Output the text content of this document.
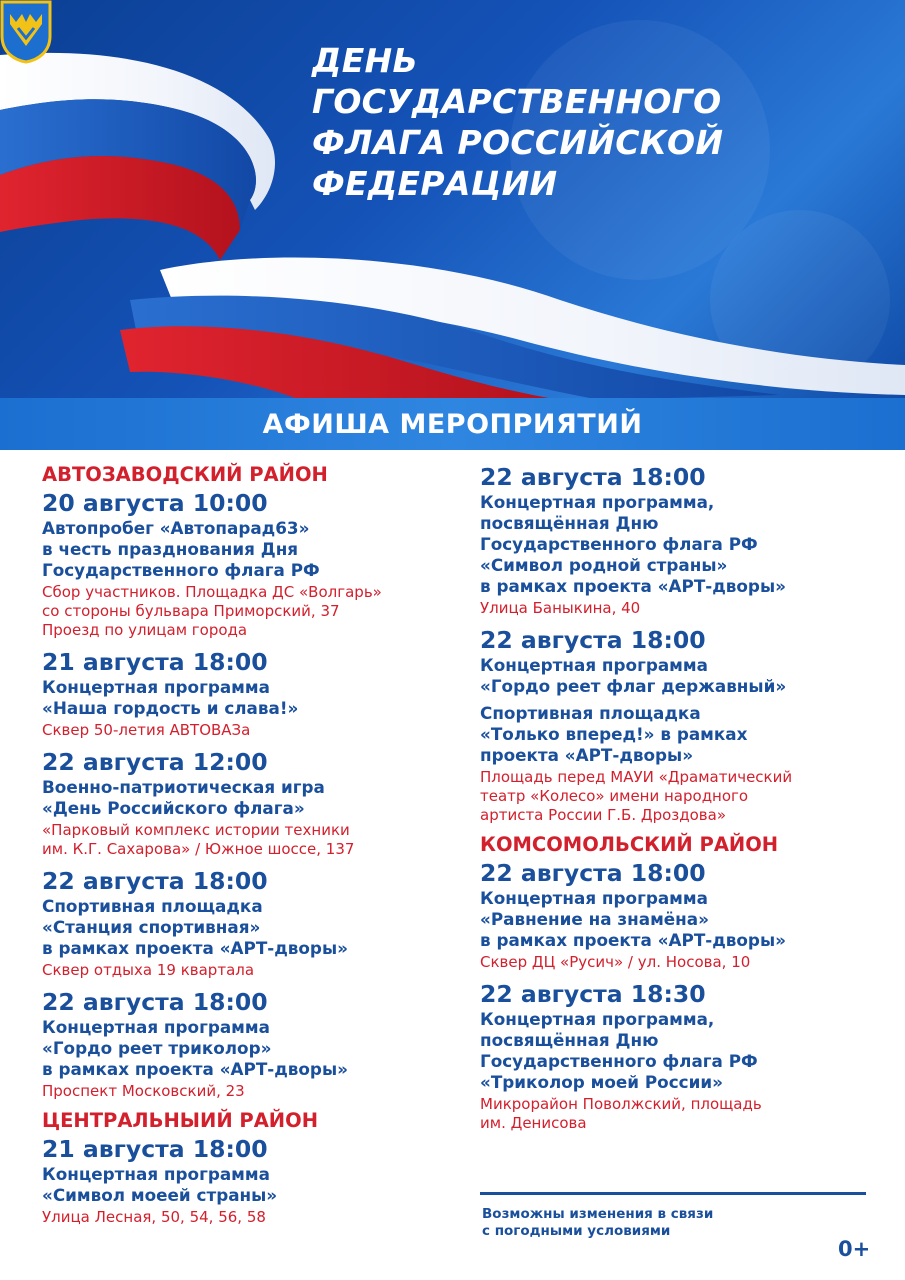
ДЕНЬ
ГОСУДАРСТВЕННОГО
ФЛАГА РОССИЙСКОЙ
ФЕДЕРАЦИИ
АФИША МЕРОПРИЯТИЙ
АВТОЗАВОДСКИЙ РАЙОН
20 августа 10:00
Автопробег «Автопарад63»
в честь празднования Дня
Государственного флага РФ
Сбор участников. Площадка ДС «Волгарь»
со стороны бульвара Приморский, 37
Проезд по улицам города
21 августа 18:00
Концертная программа
«Наша гордость и слава!»
Сквер 50-летия АВТОВАЗа
22 августа 12:00
Военно-патриотическая игра
«День Российского флага»
«Парковый комплекс истории техники
им. К.Г. Сахарова» / Южное шоссе, 137
22 августа 18:00
Спортивная площадка
«Станция спортивная»
в рамках проекта «АРТ-дворы»
Сквер отдыха 19 квартала
22 августа 18:00
Концертная программа
«Гордо реет триколор»
в рамках проекта «АРТ-дворы»
Проспект Московский, 23
ЦЕНТРАЛЬНЫИЙ РАЙОН
21 августа 18:00
Концертная программа
«Символ моеей страны»
Улица Лесная, 50, 54, 56, 58
22 августа 18:00
Концертная программа,
посвящённая Дню
Государственного флага РФ
«Символ родной страны»
в рамках проекта «АРТ-дворы»
Улица Баныкина, 40
22 августа 18:00
Концертная программа
«Гордо реет флаг державный»
Спортивная площадка
«Только вперед!» в рамках
проекта «АРТ-дворы»
Площадь перед МАУИ «Драматический
театр «Колесо» имени народного
артиста России Г.Б. Дроздова»
КОМСОМОЛЬСКИЙ РАЙОН
22 августа 18:00
Концертная программа
«Равнение на знамёна»
в рамках проекта «АРТ-дворы»
Сквер ДЦ «Русич» / ул. Носова, 10
22 августа 18:30
Концертная программа,
посвящённая Дню
Государственного флага РФ
«Триколор моей России»
Микрорайон Поволжский, площадь
им. Денисова
Возможны изменения в связи
с погодными условиями
0+
